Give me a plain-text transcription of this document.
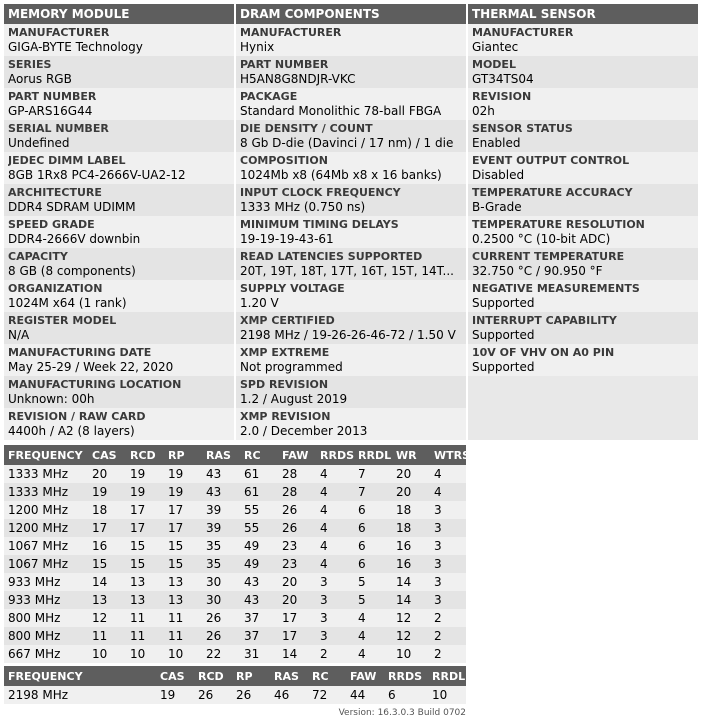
MEMORY MODULE
MANUFACTURER
GIGA-BYTE Technology
SERIES
Aorus RGB
PART NUMBER
GP-ARS16G44
SERIAL NUMBER
Undefined
JEDEC DIMM LABEL
8GB 1Rx8 PC4-2666V-UA2-12
ARCHITECTURE
DDR4 SDRAM UDIMM
SPEED GRADE
DDR4-2666V downbin
CAPACITY
8 GB (8 components)
ORGANIZATION
1024M x64 (1 rank)
REGISTER MODEL
N/A
MANUFACTURING DATE
May 25-29 / Week 22, 2020
MANUFACTURING LOCATION
Unknown: 00h
REVISION / RAW CARD
4400h / A2 (8 layers)
DRAM COMPONENTS
MANUFACTURER
Hynix
PART NUMBER
H5AN8G8NDJR-VKC
PACKAGE
Standard Monolithic 78-ball FBGA
DIE DENSITY / COUNT
8 Gb D-die (Davinci / 17 nm) / 1 die
COMPOSITION
1024Mb x8 (64Mb x8 x 16 banks)
INPUT CLOCK FREQUENCY
1333 MHz (0.750 ns)
MINIMUM TIMING DELAYS
19-19-19-43-61
READ LATENCIES SUPPORTED
20T, 19T, 18T, 17T, 16T, 15T, 14T...
SUPPLY VOLTAGE
1.20 V
XMP CERTIFIED
2198 MHz / 19-26-26-46-72 / 1.50 V
XMP EXTREME
Not programmed
SPD REVISION
1.2 / August 2019
XMP REVISION
2.0 / December 2013
THERMAL SENSOR
MANUFACTURER
Giantec
MODEL
GT34TS04
REVISION
02h
SENSOR STATUS
Enabled
EVENT OUTPUT CONTROL
Disabled
TEMPERATURE ACCURACY
B-Grade
TEMPERATURE RESOLUTION
0.2500 °C (10-bit ADC)
CURRENT TEMPERATURE
32.750 °C / 90.950 °F
NEGATIVE MEASUREMENTS
Supported
INTERRUPT CAPABILITY
Supported
10V OF VHV ON A0 PIN
Supported
FREQUENCY	CAS	RCD	RP	RAS	RC	FAW	RRDS	RRDL	WR	WTRS
1333 MHz	20	19	19	43	61	28	4	7	20	4
1333 MHz	19	19	19	43	61	28	4	7	20	4
1200 MHz	18	17	17	39	55	26	4	6	18	3
1200 MHz	17	17	17	39	55	26	4	6	18	3
1067 MHz	16	15	15	35	49	23	4	6	16	3
1067 MHz	15	15	15	35	49	23	4	6	16	3
933 MHz	14	13	13	30	43	20	3	5	14	3
933 MHz	13	13	13	30	43	20	3	5	14	3
800 MHz	12	11	11	26	37	17	3	4	12	2
800 MHz	11	11	11	26	37	17	3	4	12	2
667 MHz	10	10	10	22	31	14	2	4	10	2
FREQUENCY	CAS	RCD	RP	RAS	RC	FAW	RRDS	RRDL
2198 MHz	19	26	26	46	72	44	6	10
Version: 16.3.0.3 Build 0702
